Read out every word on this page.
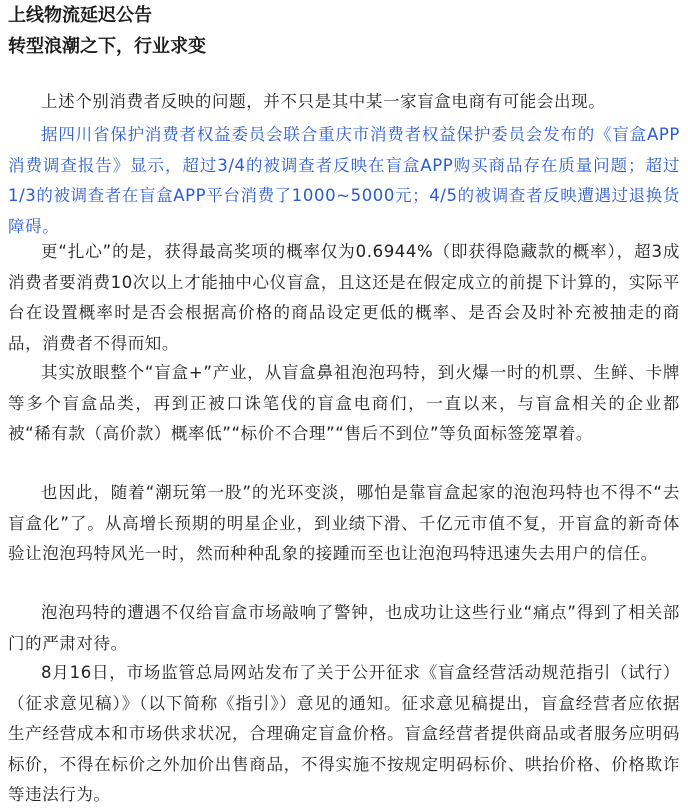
上线物流延迟公告
转型浪潮之下，行业求变

上述个别消费者反映的问题，并不只是其中某一家盲盒电商有可能会出现。

据四川省保护消费者权益委员会联合重庆市消费者权益保护委员会发布的《盲盒APP消费调查报告》显示，超过3/4的被调查者反映在盲盒APP购买商品存在质量问题；超过1/3的被调查者在盲盒APP平台消费了1000~5000元；4/5的被调查者反映遭遇过退换货障碍。

更“扎心”的是，获得最高奖项的概率仅为0.6944%（即获得隐藏款的概率），超3成消费者要消费10次以上才能抽中心仪盲盒，且这还是在假定成立的前提下计算的，实际平台在设置概率时是否会根据高价格的商品设定更低的概率、是否会及时补充被抽走的商品，消费者不得而知。

其实放眼整个“盲盒+”产业，从盲盒鼻祖泡泡玛特，到火爆一时的机票、生鲜、卡牌等多个盲盒品类，再到正被口诛笔伐的盲盒电商们，一直以来，与盲盒相关的企业都被“稀有款（高价款）概率低”“标价不合理”“售后不到位”等负面标签笼罩着。

也因此，随着“潮玩第一股”的光环变淡，哪怕是靠盲盒起家的泡泡玛特也不得不“去盲盒化”了。从高增长预期的明星企业，到业绩下滑、千亿元市值不复，开盲盒的新奇体验让泡泡玛特风光一时，然而种种乱象的接踵而至也让泡泡玛特迅速失去用户的信任。

泡泡玛特的遭遇不仅给盲盒市场敲响了警钟，也成功让这些行业“痛点”得到了相关部门的严肃对待。

8月16日，市场监管总局网站发布了关于公开征求《盲盒经营活动规范指引（试行）（征求意见稿）》（以下简称《指引》）意见的通知。征求意见稿提出，盲盒经营者应依据生产经营成本和市场供求状况，合理确定盲盒价格。盲盒经营者提供商品或者服务应明码标价，不得在标价之外加价出售商品，不得实施不按规定明码标价、哄抬价格、价格欺诈等违法行为。
